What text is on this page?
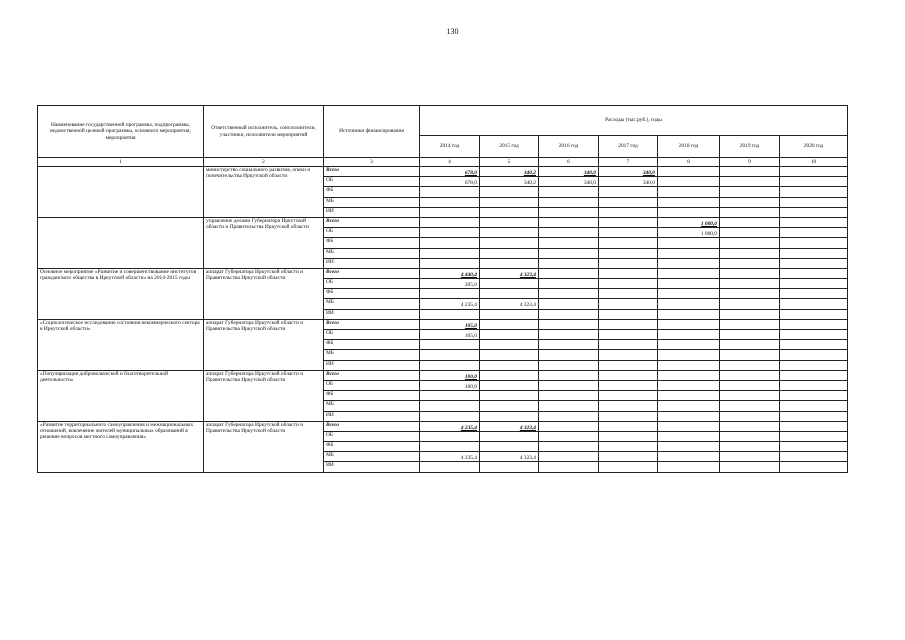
130
Наименование государственной программы, подпрограммы, ведомственной целевой программы, основного мероприятия, мероприятия	Ответственный исполнитель, соисполнители, участники, исполнители мероприятий	Источники финансирования	Расходы (тыс.руб.), годы						
			2014 год	2015 год	2016 год	2017 год	2018 год	2019 год	2020 год
1	2	3	4	5	6	7	8	9	10
	министерство социального развития, опеки и попечительства Иркутской области	Всего	678,0	340,2	340,0	340,0			
		ОБ	678,0	340,2	340,0	340,0			
		ФБ							
		МБ							
		ИИ							
	управление делами Губернатора Иркутской области и Правительства Иркутской области	Всего					1 000,0		
		ОБ					1 000,0		
		ФБ							
		МБ							
		ИИ							
Основное мероприятие «Развитие и совершенствование институтов гражданского общества в Иркутской области» на 2014-2015 годы	аппарат Губернатора Иркутской области и Правительства Иркутской области	Всего	4 440,4	4 323,4					
		ОБ	205,0						
		ФБ							
		МБ	4 235,4	4 323,4					
		ИИ							
«Социологическое исследование состояния некоммерческого сектора в Иркутской области»	аппарат Губернатора Иркутской области и Правительства Иркутской области	Всего	105,0						
		ОБ	105,0						
		ФБ							
		МБ							
		ИИ							
«Популяризация добровольческой и благотворительной деятельности»	аппарат Губернатора Иркутской области и Правительства Иркутской области	Всего	100,0						
		ОБ	100,0						
		ФБ							
		МБ							
		ИИ							
«Развитие территориального самоуправления и межнациональных отношений, вовлечение жителей муниципальных образований в решение вопросов местного самоуправления»	аппарат Губернатора Иркутской области и Правительства Иркутской области	Всего	4 235,4	4 323,4					
		ОБ							
		ФБ							
		МБ	4 235,4	4 323,4					
		ИИ							
